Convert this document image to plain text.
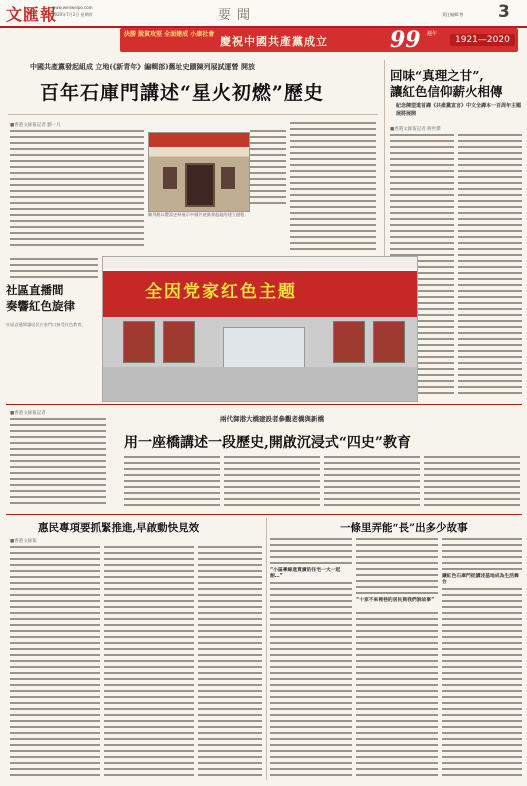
文匯報
www.wenweipo.com
2020年7月2日 星期四	要聞	責任編輯:曾 3
決勝 脫貧攻堅 全面建成 小康社會
慶祝中國共產黨成立	99 週年
1921—2020
中國共產黨發起組成 立地(《新青年》編輯部)舊址史蹟陳列展試運營 開放
百年石庫門講述“星火初燃”歷史
■香港文匯報記者 劉一凡
陳列館以豐富史料展示中國共產黨發起組的建立歷程。
回味“真理之甘”,
讓紅色信仰薪火相傳
紀念陳望道首譯《共產黨宣言》中文全譯本一百周年主題展將展開
■香港文匯報記者 蔣世傑
社區直播間
奏響紅色旋律
社區直播間讓居民在家門口接受紅色教育。
全因党家红色主题
■香港文匯報記者
兩代御港大橋建設者參觀老橋與新橋
用一座橋講述一段歷史,開啟沉浸式“四史”教育
惠民專項要抓緊推進,早啟動快見效
■香港文匯報
一條里弄能“長”出多少故事
“小區專線進寬廣的住宅一大一起創…”
“十家不來裡巷的居民與我們說故事”
讓紅色石庫門從講述基地成為生活舞台
